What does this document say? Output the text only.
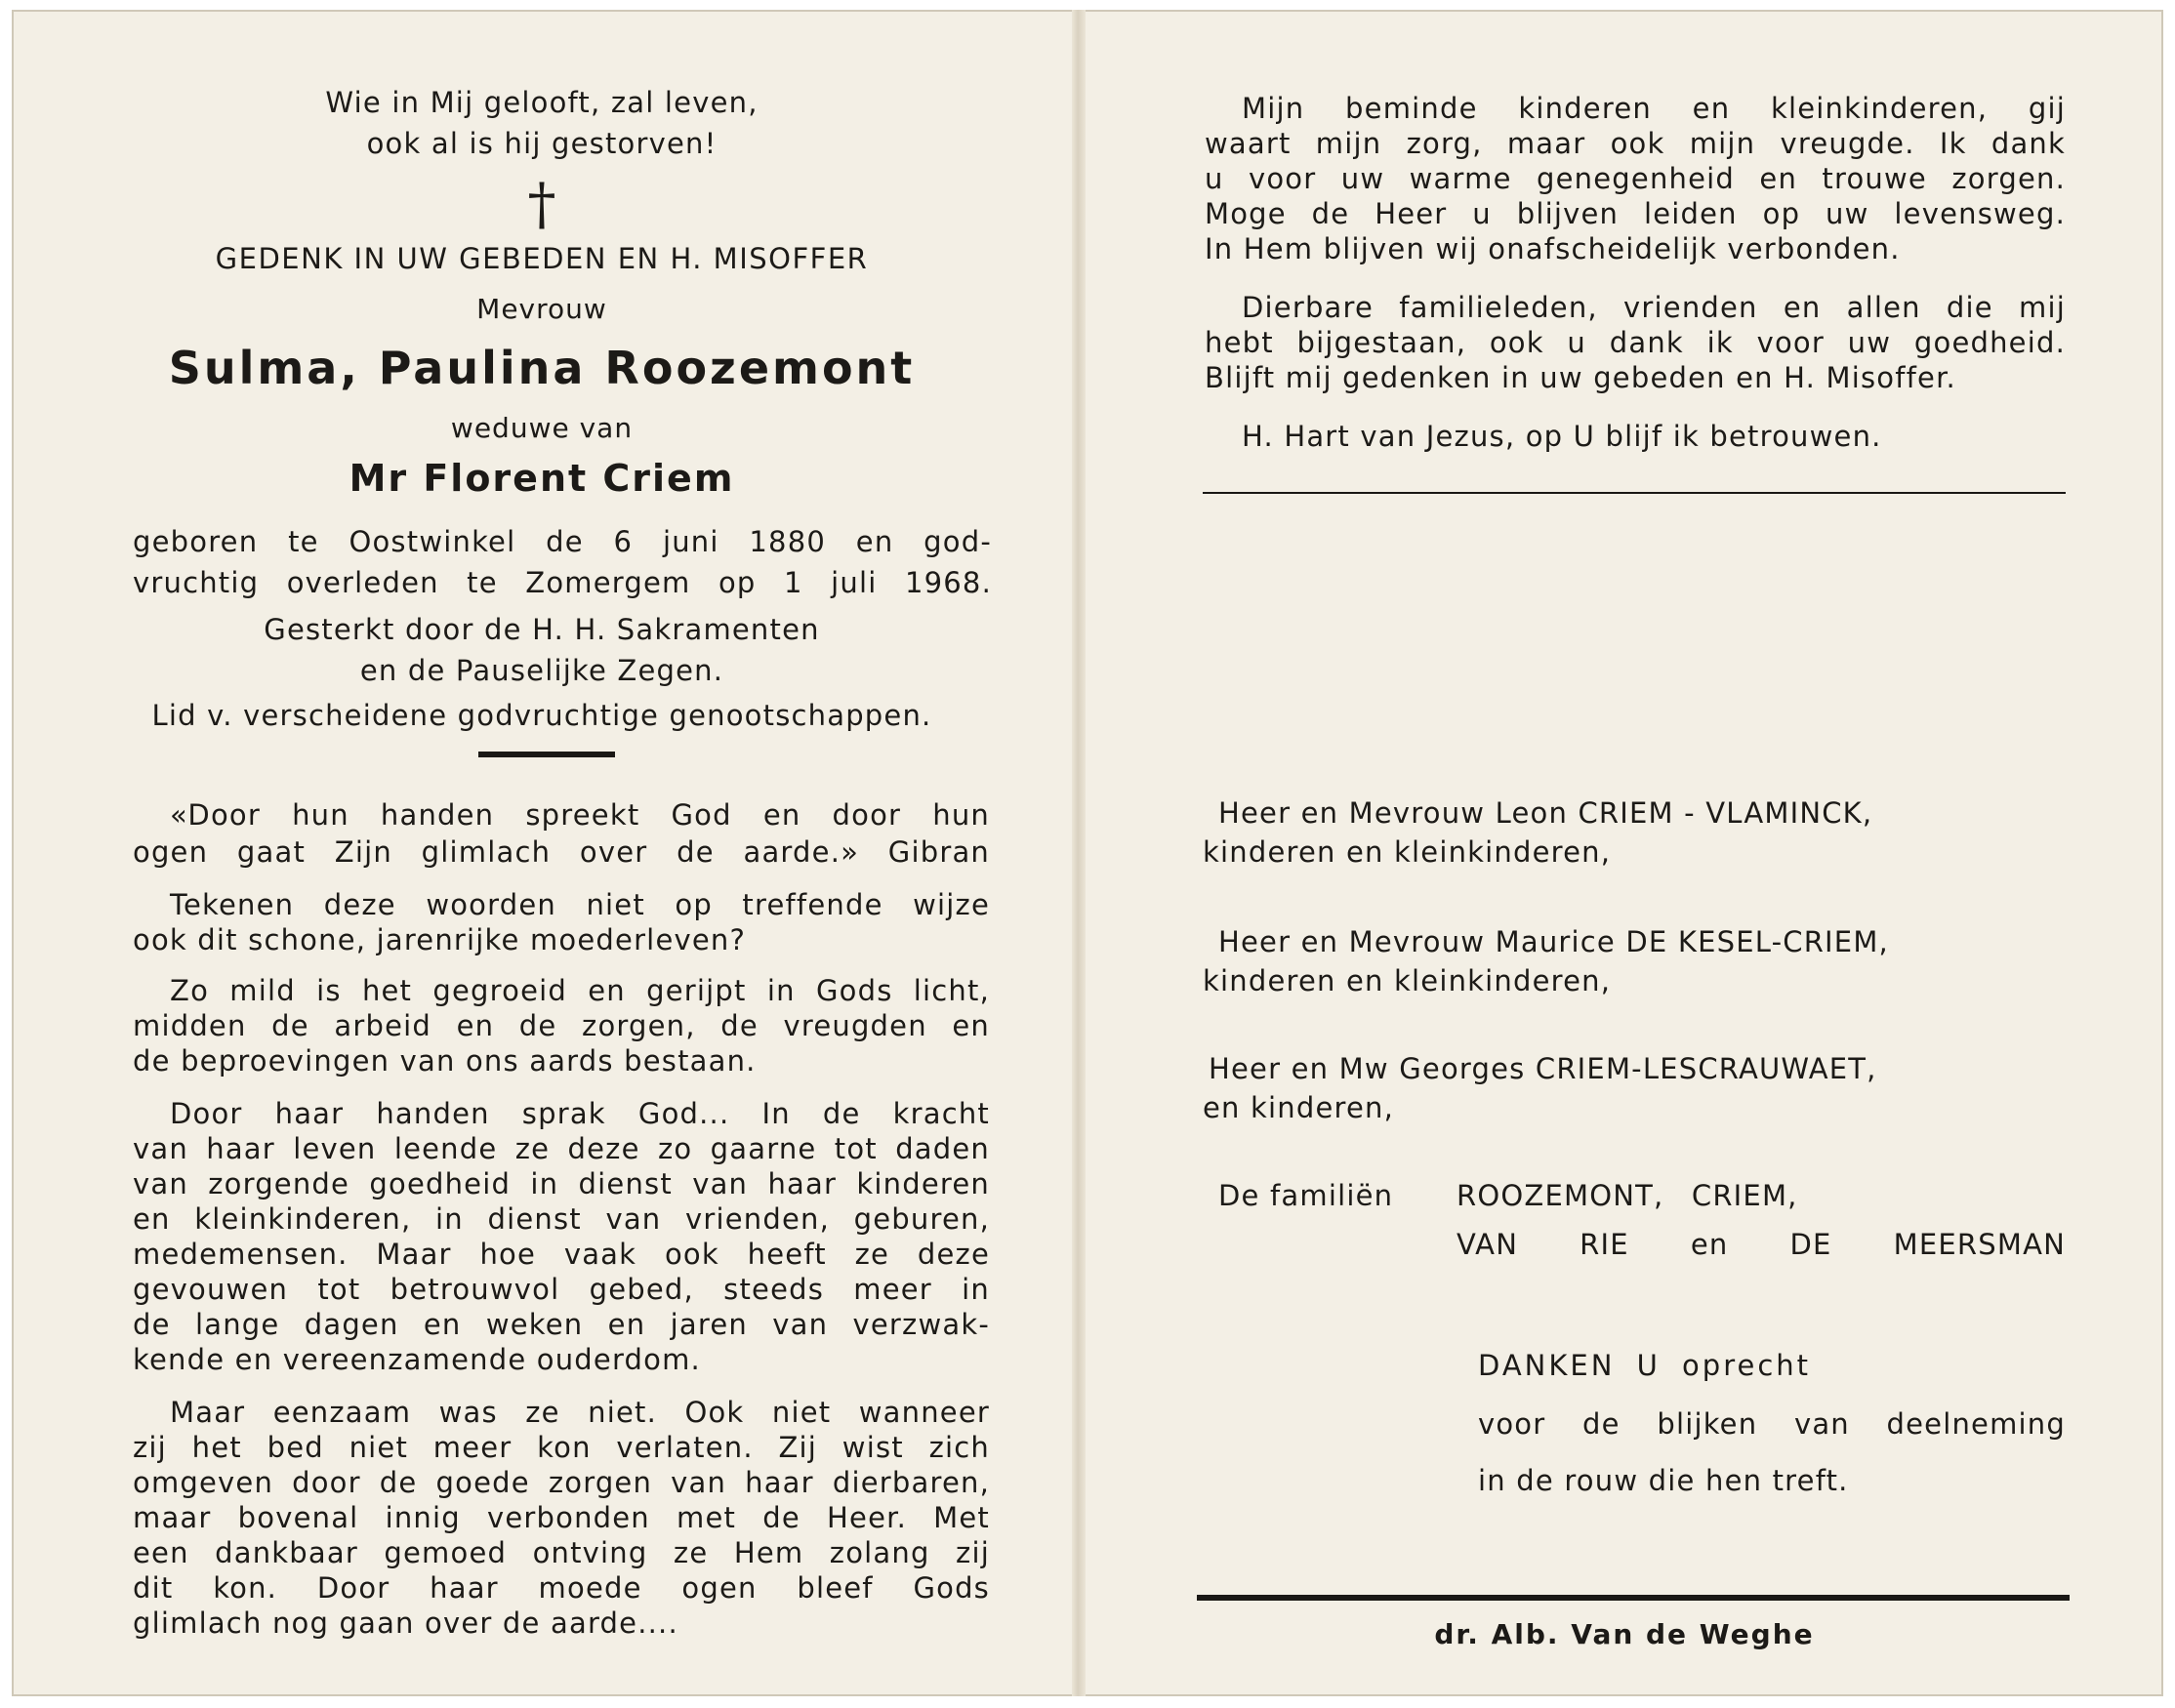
Wie in Mij gelooft, zal leven,
ook al is hij gestorven!
†
GEDENK IN UW GEBEDEN EN H. MISOFFER
Mevrouw
Sulma, Paulina Roozemont
weduwe van
Mr Florent Criem
geboren te Oostwinkel de 6 juni 1880 en god-
vruchtig overleden te Zomergem op 1 juli 1968.
Gesterkt door de H. H. Sakramenten
en de Pauselijke Zegen.
Lid v. verscheidene godvruchtige genootschappen.
«Door hun handen spreekt God en door hun
ogen gaat Zijn glimlach over de aarde.» Gibran
Tekenen deze woorden niet op treffende wijze
ook dit schone, jarenrijke moederleven?
Zo mild is het gegroeid en gerijpt in Gods licht,
midden de arbeid en de zorgen, de vreugden en
de beproevingen van ons aards bestaan.
Door haar handen sprak God... In de kracht
van haar leven leende ze deze zo gaarne tot daden
van zorgende goedheid in dienst van haar kinderen
en kleinkinderen, in dienst van vrienden, geburen,
medemensen. Maar hoe vaak ook heeft ze deze
gevouwen tot betrouwvol gebed, steeds meer in
de lange dagen en weken en jaren van verzwak-
kende en vereenzamende ouderdom.
Maar eenzaam was ze niet. Ook niet wanneer
zij het bed niet meer kon verlaten. Zij wist zich
omgeven door de goede zorgen van haar dierbaren,
maar bovenal innig verbonden met de Heer. Met
een dankbaar gemoed ontving ze Hem zolang zij
dit kon. Door haar moede ogen bleef Gods
glimlach nog gaan over de aarde....
Mijn beminde kinderen en kleinkinderen, gij
waart mijn zorg, maar ook mijn vreugde. Ik dank
u voor uw warme genegenheid en trouwe zorgen.
Moge de Heer u blijven leiden op uw levensweg.
In Hem blijven wij onafscheidelijk verbonden.
Dierbare familieleden, vrienden en allen die mij
hebt bijgestaan, ook u dank ik voor uw goedheid.
Blijft mij gedenken in uw gebeden en H. Misoffer.
H. Hart van Jezus, op U blijf ik betrouwen.
Heer en Mevrouw Leon CRIEM - VLAMINCK,
kinderen en kleinkinderen,
Heer en Mevrouw Maurice DE KESEL-CRIEM,
kinderen en kleinkinderen,
Heer en Mw Georges CRIEM-LESCRAUWAET,
en kinderen,
De familiën ROOZEMONT, CRIEM,
VAN RIE en DE MEERSMAN
DANKEN U oprecht
voor de blijken van deelneming
in de rouw die hen treft.
dr. Alb. Van de Weghe
